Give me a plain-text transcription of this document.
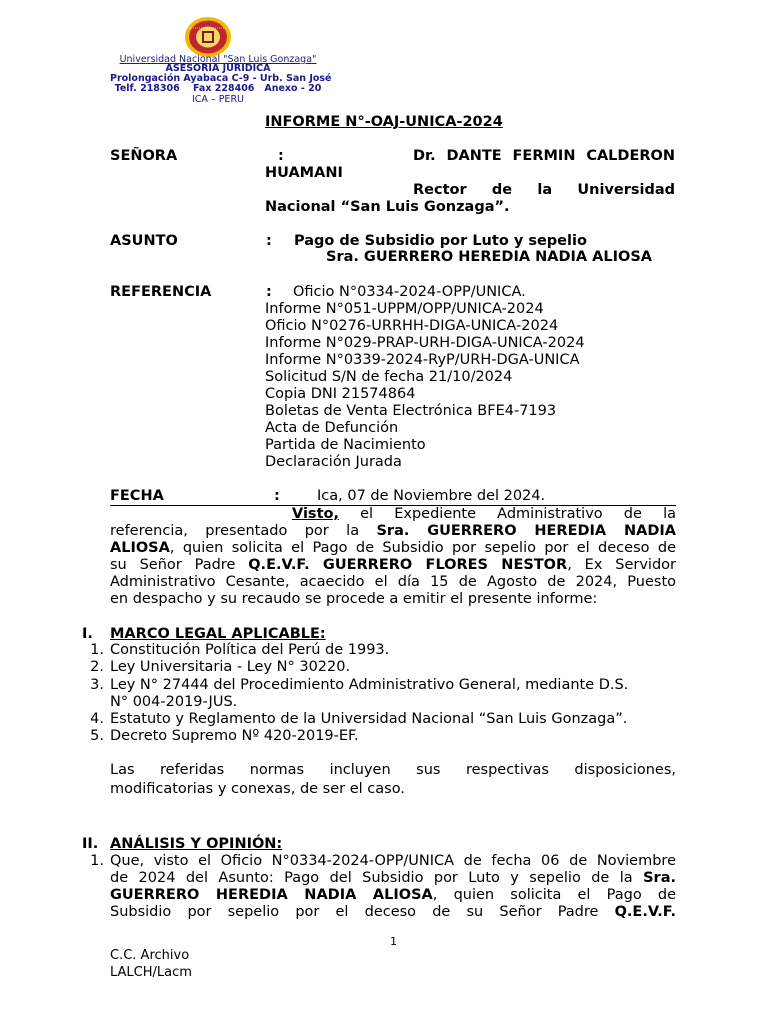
Universidad Nacional "San Luis Gonzaga"
ASESORIA JURIDICA
Prolongación Ayabaca C-9 - Urb. San José
Telf. 218306    Fax 228406   Anexo - 20
ICA – PERU
INFORME N°-OAJ-UNICA-2024
SEÑORA	:	Dr. DANTE FERMIN CALDERON
HUAMANI
Rector de la Universidad
Nacional “San Luis Gonzaga”.
ASUNTO	: Pago de Subsidio por Luto y sepelio
Sra. GUERRERO HEREDIA NADIA ALIOSA
REFERENCIA	: Oficio N°0334-2024-OPP/UNICA.
Informe N°051-UPPM/OPP/UNICA-2024
Oficio N°0276-URRHH-DIGA-UNICA-2024
Informe N°029-PRAP-URH-DIGA-UNICA-2024
Informe N°0339-2024-RyP/URH-DGA-UNICA
Solicitud S/N de fecha 21/10/2024
Copia DNI 21574864
Boletas de Venta Electrónica BFE4-7193
Acta de Defunción
Partida de Nacimiento
Declaración Jurada
FECHA	:	Ica, 07 de Noviembre del 2024.
Visto, el Expediente Administrativo de la
referencia, presentado por la Sra. GUERRERO HEREDIA NADIA
ALIOSA, quien solicita el Pago de Subsidio por sepelio por el deceso de
su Señor Padre Q.E.V.F. GUERRERO FLORES NESTOR, Ex Servidor
Administrativo Cesante, acaecido el día 15 de Agosto de 2024, Puesto
en despacho y su recaudo se procede a emitir el presente informe:
I. MARCO LEGAL APLICABLE:
1. Constitución Política del Perú de 1993.
2. Ley Universitaria - Ley N° 30220.
3. Ley N° 27444 del Procedimiento Administrativo General, mediante D.S.
N° 004-2019-JUS.
4. Estatuto y Reglamento de la Universidad Nacional “San Luis Gonzaga”.
5. Decreto Supremo Nº 420-2019-EF.
Las referidas normas incluyen sus respectivas disposiciones,
modificatorias y conexas, de ser el caso.
II. ANÁLISIS Y OPINIÓN:
1. Que, visto el Oficio N°0334-2024-OPP/UNICA de fecha 06 de Noviembre
de 2024 del Asunto: Pago del Subsidio por Luto y sepelio de la Sra.
GUERRERO HEREDIA NADIA ALIOSA, quien solicita el Pago de
Subsidio por sepelio por el deceso de su Señor Padre Q.E.V.F.
1
C.C. Archivo
LALCH/Lacm
